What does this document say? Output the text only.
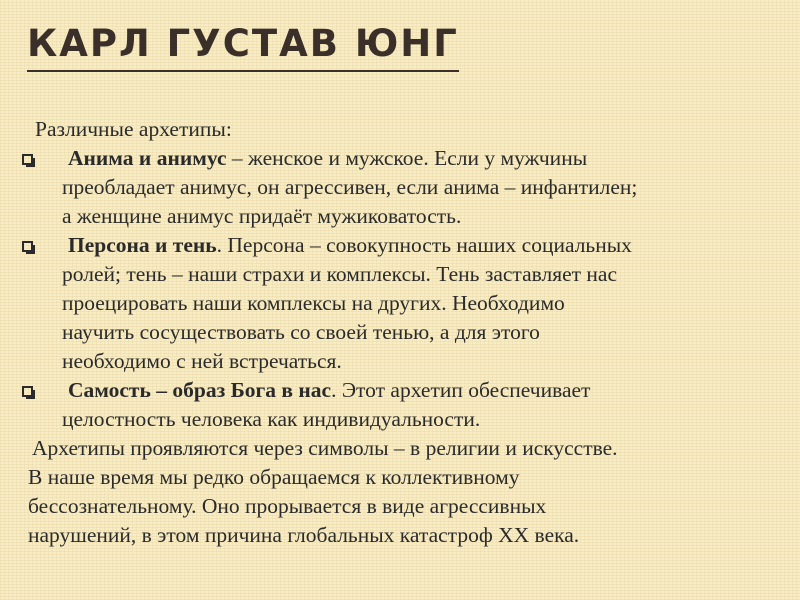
КАРЛ ГУСТАВ ЮНГ
Различные архетипы:
Анима и анимус – женское и мужское. Если у мужчины
преобладает анимус, он агрессивен, если анима – инфантилен;
а женщине анимус придаёт мужиковатость.
Персона и тень. Персона – совокупность наших социальных
ролей; тень – наши страхи и комплексы. Тень заставляет нас
проецировать наши комплексы на других. Необходимо
научить сосуществовать со своей тенью, а для этого
необходимо с ней встречаться.
Самость – образ Бога в нас. Этот архетип обеспечивает
целостность человека как индивидуальности.
Архетипы проявляются через символы – в религии и искусстве.
В наше время мы редко обращаемся к коллективному
бессознательному. Оно прорывается в виде агрессивных
нарушений, в этом причина глобальных катастроф XX века.
